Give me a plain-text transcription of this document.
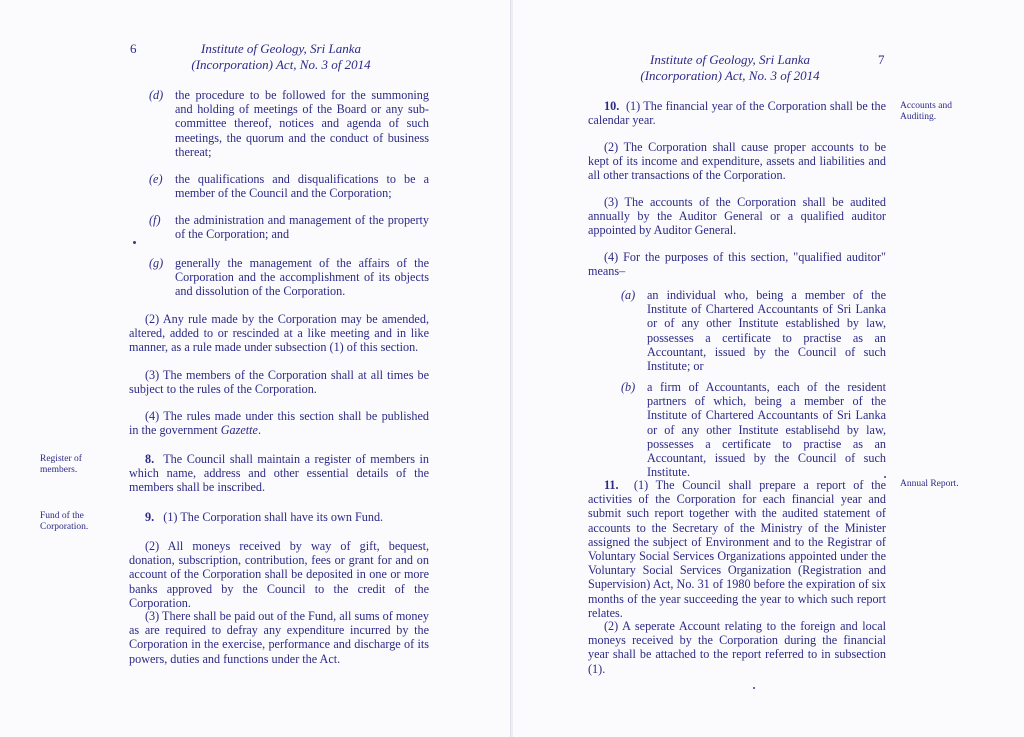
6	Institute of Geology, Sri Lanka
(Incorporation) Act, No. 3 of 2014
(d) the procedure to be followed for the summoning and holding of meetings of the Board or any sub-committee thereof, notices and agenda of such meetings, the quorum and the conduct of business thereat;
(e)	the qualifications and disqualifications to be a member of the Council and the Corporation;
(f)	the administration and management of the property of the Corporation; and
(g) generally the management of the affairs of the Corporation and the accomplishment of its objects and dissolution of the Corporation.
(2) Any rule made by the Corporation may be amended, altered, added to or rescinded at a like meeting and in like manner, as a rule made under subsection (1) of this section.
(3) The members of the Corporation shall at all times be subject to the rules of the Corporation.
(4) The rules made under this section shall be published in the government Gazette.
Register of members.
8. The Council shall maintain a register of members in which name, address and other essential details of the members shall be inscribed.
Fund of the Corporation.
9. (1) The Corporation shall have its own Fund.
(2) All moneys received by way of gift, bequest, donation, subscription, contribution, fees or grant for and on account of the Corporation shall be deposited in one or more banks approved by the Council to the credit of the Corporation.
(3) There shall be paid out of the Fund, all sums of money as are required to defray any expenditure incurred by the Corporation in the exercise, performance and discharge of its powers, duties and functions under the Act.
Institute of Geology, Sri Lanka
(Incorporation) Act, No. 3 of 2014
7
Accounts and Auditing.
10. (1) The financial year of the Corporation shall be the calendar year.
(2) The Corporation shall cause proper accounts to be kept of its income and expenditure, assets and liabilities and all other transactions of the Corporation.
(3) The accounts of the Corporation shall be audited annually by the Auditor General or a qualified auditor appointed by Auditor General.
(4) For the purposes of this section, "qualified auditor" means–
(a) an individual who, being a member of the Institute of Chartered Accountants of Sri Lanka or of any other Institute established by law, possesses a certificate to practise as an Accountant, issued by the Council of such Institute; or
(b) a firm of Accountants, each of the resident partners of which, being a member of the Institute of Chartered Accountants of Sri Lanka or of any other Institute establisehd by law, possesses a certificate to practise as an Accountant, issued by the Council of such Institute.
Annual Report.
11. (1) The Council shall prepare a report of the activities of the Corporation for each financial year and submit such report together with the audited statement of accounts to the Secretary of the Ministry of the Minister assigned the subject of Environment and to the Registrar of Voluntary Social Services Organizations appointed under the Voluntary Social Services Organization (Registration and Supervision) Act, No. 31 of 1980 before the expiration of six months of the year succeeding the year to which such report relates.
(2) A seperate Account relating to the foreign and local moneys received by the Corporation during the financial year shall be attached to the report referred to in subsection (1).
